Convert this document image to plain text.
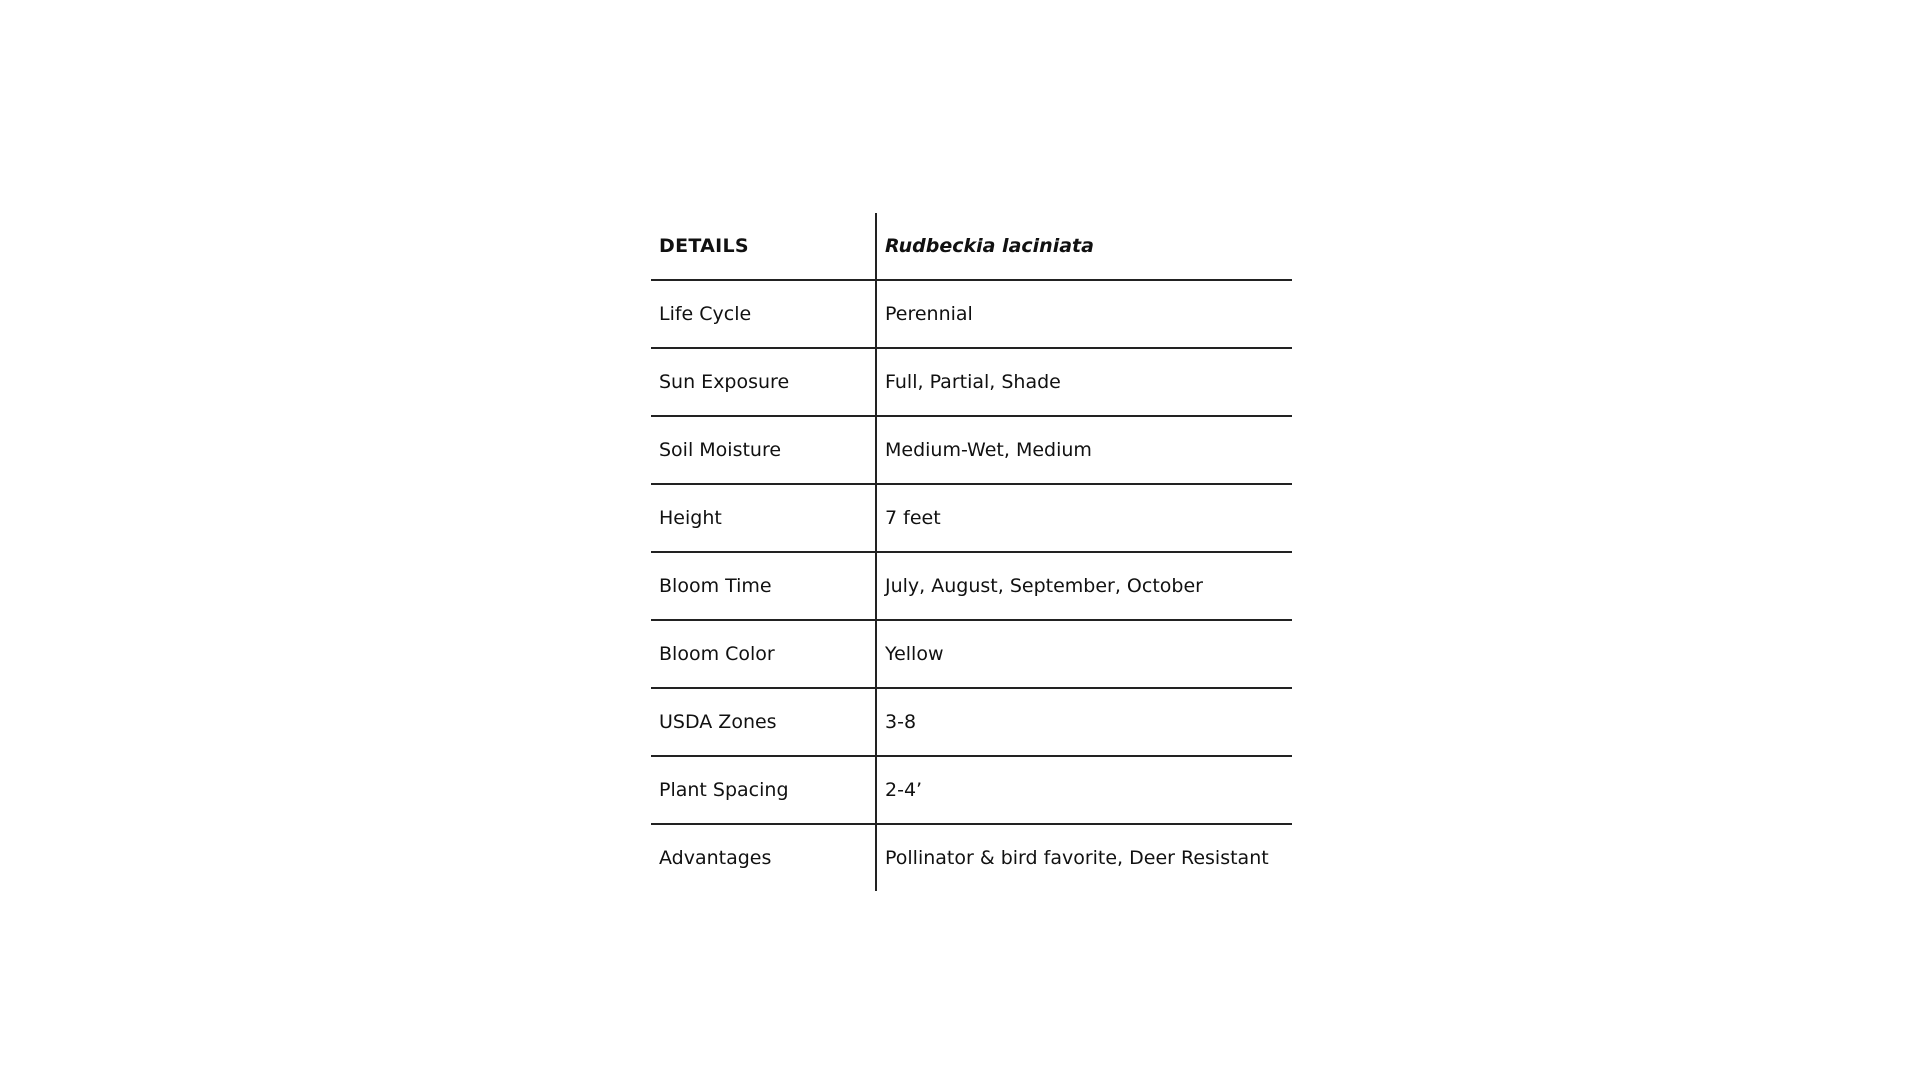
DETAILS	Rudbeckia laciniata
Life Cycle	Perennial
Sun Exposure	Full, Partial, Shade
Soil Moisture	Medium-Wet, Medium
Height	7 feet
Bloom Time	July, August, September, October
Bloom Color	Yellow
USDA Zones	3-8
Plant Spacing	2-4’
Advantages	Pollinator & bird favorite, Deer Resistant
